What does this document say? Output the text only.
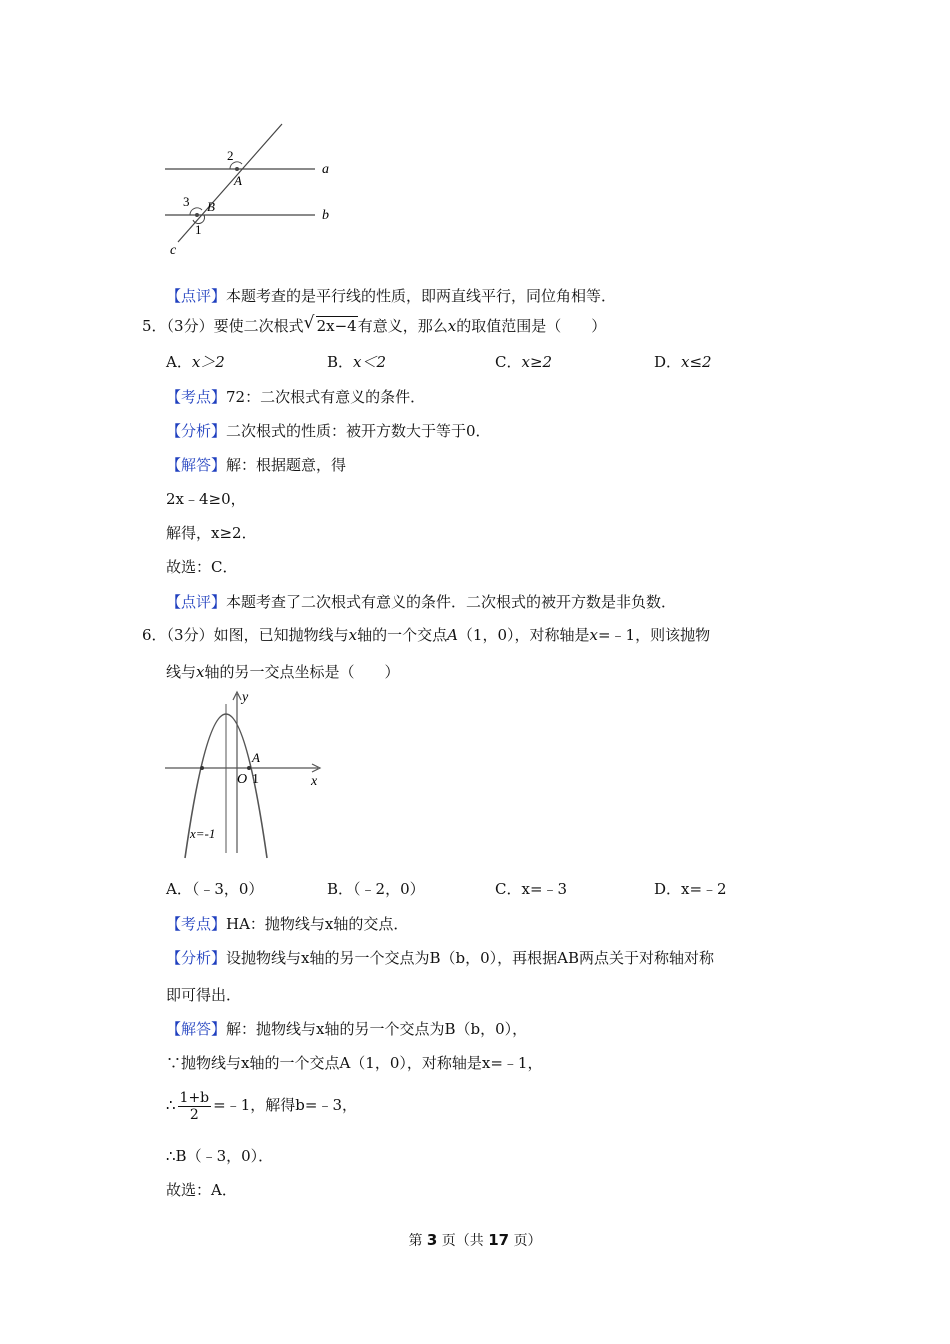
2
a
A
3 B
b
1
c
【点评】本题考查的是平行线的性质，即两直线平行，同位角相等．
5．（3分）要使二次根式 √ 2x−4有意义，那么x的取值范围是（　　）
A．x＞2	B．x＜2	C．x≥2	D．x≤2
【考点】72：二次根式有意义的条件．
【分析】二次根式的性质：被开方数大于等于0．
【解答】解：根据题意，得
2x﹣4≥0，
解得，x≥2．
故选：C．
【点评】本题考查了二次根式有意义的条件．二次根式的被开方数是非负数．
6．（3分）如图，已知抛物线与x轴的一个交点A（1，0），对称轴是x=﹣1，则该抛物
线与x轴的另一交点坐标是（　　）
y
A
O 1	x
x=-1
A．（﹣3，0）	B．（﹣2，0）	C．x=﹣3	D．x=﹣2
【考点】HA：抛物线与x轴的交点．
【分析】设抛物线与x轴的另一个交点为B（b，0），再根据AB两点关于对称轴对称
即可得出．
【解答】解：抛物线与x轴的另一个交点为B（b，0），
∵抛物线与x轴的一个交点A（1，0），对称轴是x=﹣1，
∴ $\frac{1+b}{2}$ =﹣1，解得b=﹣3，
∴B（﹣3，0）．
故选：A．
第 3 页（共 17 页）
